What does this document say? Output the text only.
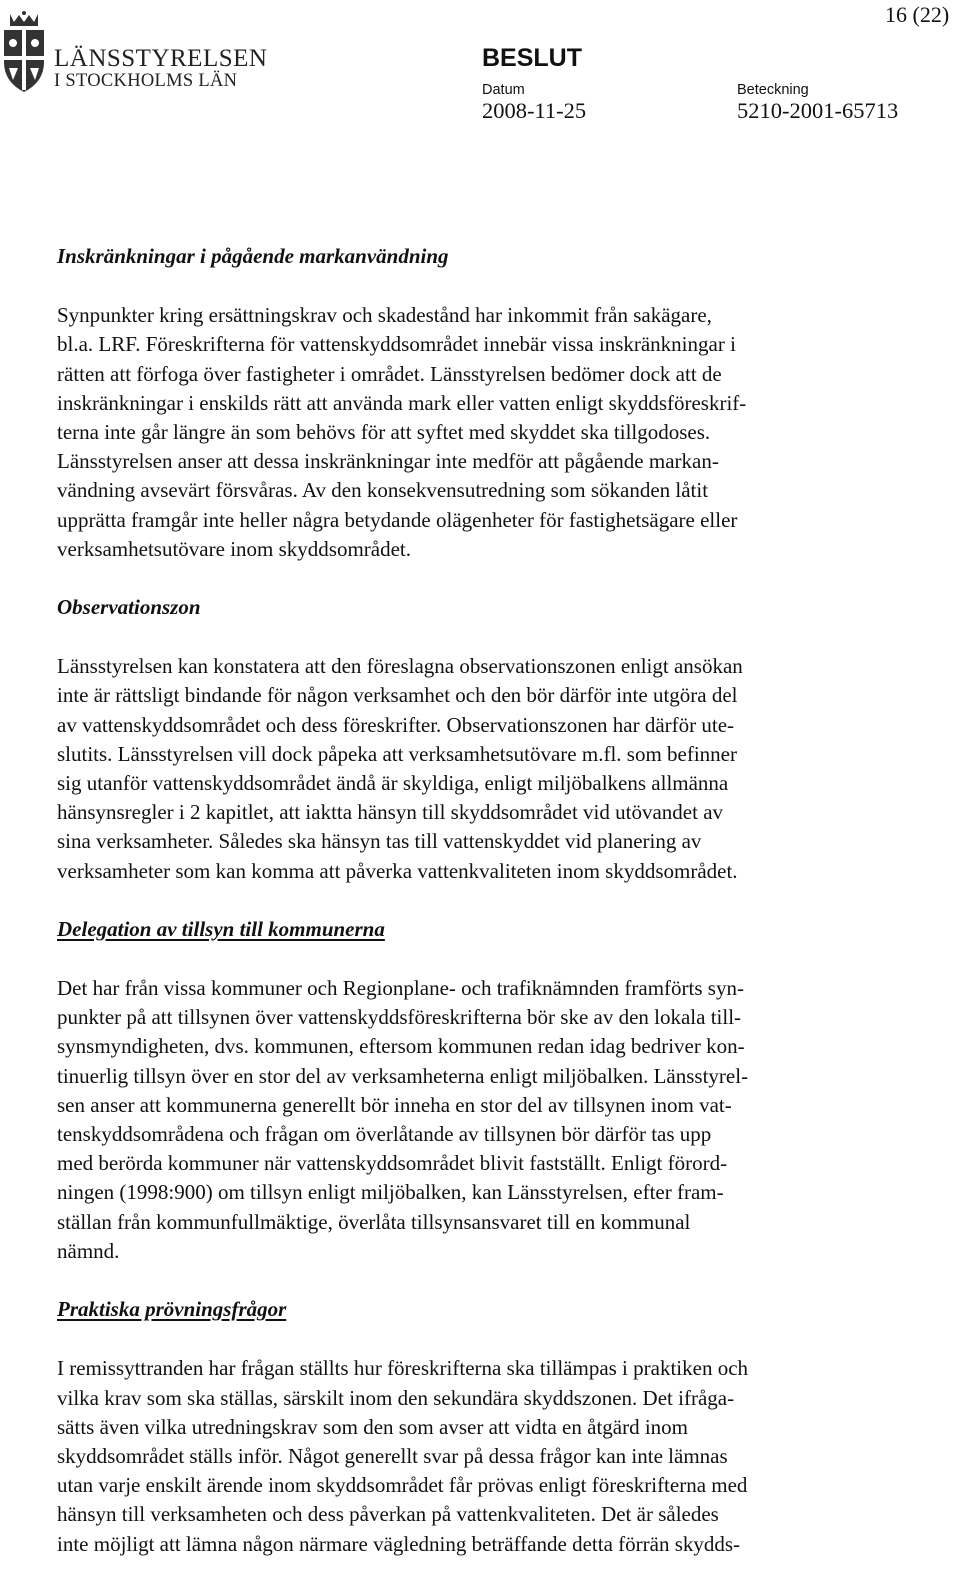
16 (22)
LÄNSSTYRELSEN
I STOCKHOLMS LÄN
BESLUT
Datum
2008-11-25
Beteckning
5210-2001-65713
Inskränkningar i pågående markanvändning
Synpunkter kring ersättningskrav och skadestånd har inkommit från sakägare,
bl.a. LRF. Föreskrifterna för vattenskyddsområdet innebär vissa inskränkningar i
rätten att förfoga över fastigheter i området. Länsstyrelsen bedömer dock att de
inskränkningar i enskilds rätt att använda mark eller vatten enligt skyddsföreskrif-
terna inte går längre än som behövs för att syftet med skyddet ska tillgodoses.
Länsstyrelsen anser att dessa inskränkningar inte medför att pågående markan-
vändning avsevärt försvåras. Av den konsekvensutredning som sökanden låtit
upprätta framgår inte heller några betydande olägenheter för fastighetsägare eller
verksamhetsutövare inom skyddsområdet.
Observationszon
Länsstyrelsen kan konstatera att den föreslagna observationszonen enligt ansökan
inte är rättsligt bindande för någon verksamhet och den bör därför inte utgöra del
av vattenskyddsområdet och dess föreskrifter. Observationszonen har därför ute-
slutits. Länsstyrelsen vill dock påpeka att verksamhetsutövare m.fl. som befinner
sig utanför vattenskyddsområdet ändå är skyldiga, enligt miljöbalkens allmänna
hänsynsregler i 2 kapitlet, att iaktta hänsyn till skyddsområdet vid utövandet av
sina verksamheter. Således ska hänsyn tas till vattenskyddet vid planering av
verksamheter som kan komma att påverka vattenkvaliteten inom skyddsområdet.
Delegation av tillsyn till kommunerna
Det har från vissa kommuner och Regionplane- och trafiknämnden framförts syn-
punkter på att tillsynen över vattenskyddsföreskrifterna bör ske av den lokala till-
synsmyndigheten, dvs. kommunen, eftersom kommunen redan idag bedriver kon-
tinuerlig tillsyn över en stor del av verksamheterna enligt miljöbalken. Länsstyrel-
sen anser att kommunerna generellt bör inneha en stor del av tillsynen inom vat-
tenskyddsområdena och frågan om överlåtande av tillsynen bör därför tas upp
med berörda kommuner när vattenskyddsområdet blivit fastställt. Enligt förord-
ningen (1998:900) om tillsyn enligt miljöbalken, kan Länsstyrelsen, efter fram-
ställan från kommunfullmäktige, överlåta tillsynsansvaret till en kommunal
nämnd.
Praktiska prövningsfrågor
I remissyttranden har frågan ställts hur föreskrifterna ska tillämpas i praktiken och
vilka krav som ska ställas, särskilt inom den sekundära skyddszonen. Det ifråga-
sätts även vilka utredningskrav som den som avser att vidta en åtgärd inom
skyddsområdet ställs inför. Något generellt svar på dessa frågor kan inte lämnas
utan varje enskilt ärende inom skyddsområdet får prövas enligt föreskrifterna med
hänsyn till verksamheten och dess påverkan på vattenkvaliteten. Det är således
inte möjligt att lämna någon närmare vägledning beträffande detta förrän skydds-
